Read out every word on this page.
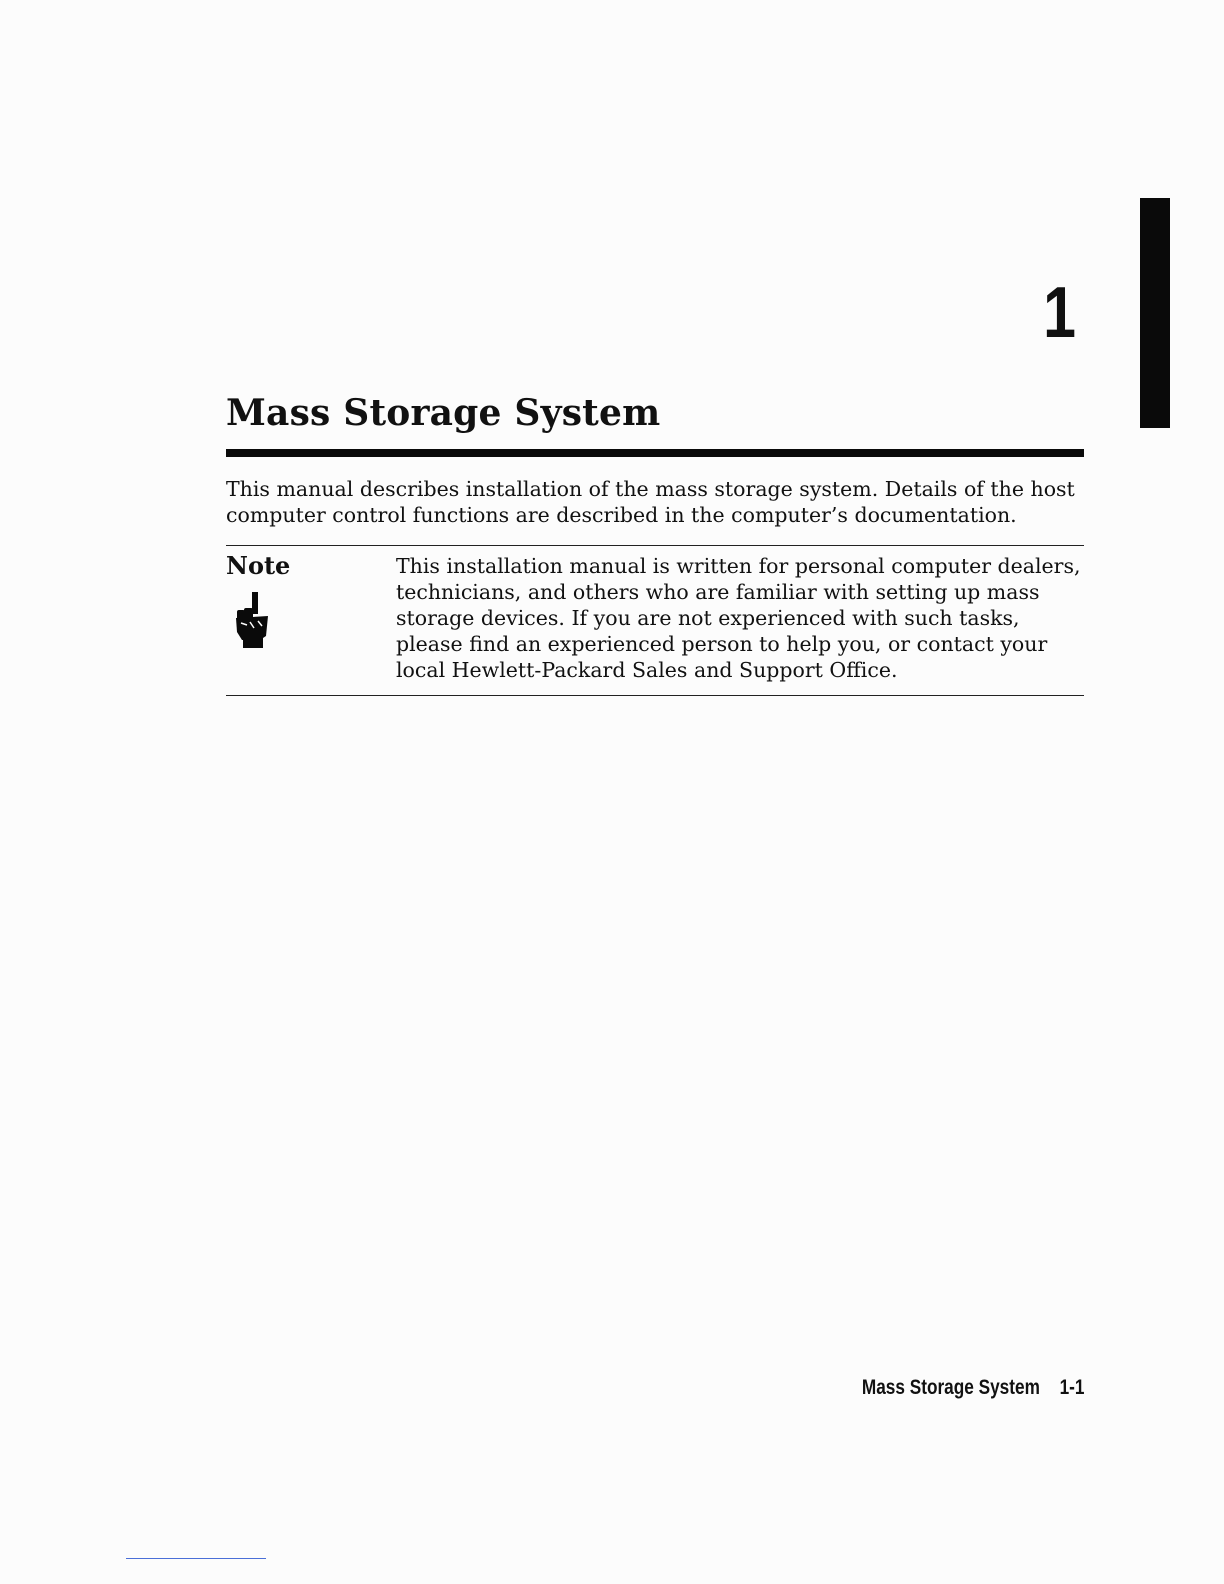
1
Mass Storage System

This manual describes installation of the mass storage system. Details of the host computer control functions are described in the computer’s documentation.

Note	This installation manual is written for personal computer dealers, technicians, and others who are familiar with setting up mass storage devices. If you are not experienced with such tasks, please find an experienced person to help you, or contact your local Hewlett-Packard Sales and Support Office.

Mass Storage System 1-1
